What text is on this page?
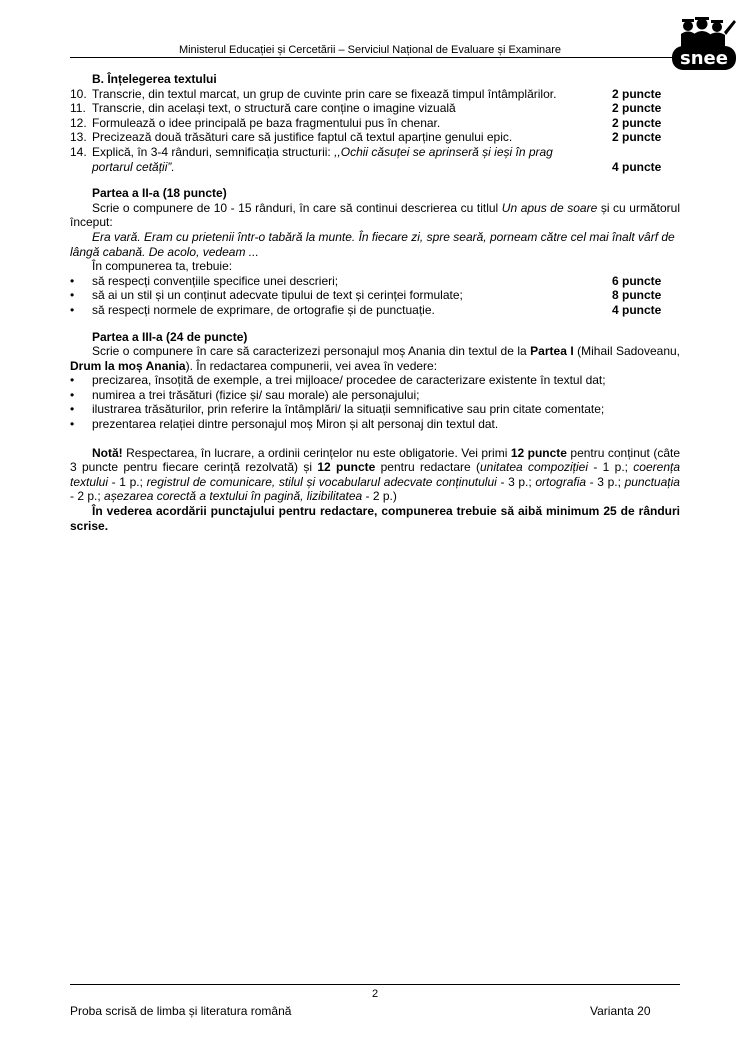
Ministerul Educației și Cercetării – Serviciul Național de Evaluare și Examinare	snee
B. Înțelegerea textului
10. Transcrie, din textul marcat, un grup de cuvinte prin care se fixează timpul întâmplărilor.	2 puncte
11. Transcrie, din același text, o structură care conține o imagine vizuală	2 puncte
12. Formulează o idee principală pe baza fragmentului pus în chenar.	2 puncte
13. Precizează două trăsături care să justifice faptul că textul aparține genului epic.	2 puncte
14. Explică, în 3-4 rânduri, semnificația structurii: ,,Ochii căsuței se aprinseră și ieși în prag
portarul cetății”.	4 puncte
Partea a II-a (18 puncte)
Scrie o compunere de 10 - 15 rânduri, în care să continui descrierea cu titlul Un apus de soare și cu următorul început:
Era vară. Eram cu prietenii într-o tabără la munte. În fiecare zi, spre seară, porneam către cel mai înalt vârf de lângă cabană. De acolo, vedeam ...
În compunerea ta, trebuie:
•	să respecți convențiile specifice unei descrieri;	6 puncte
•	să ai un stil și un conținut adecvate tipului de text și cerinței formulate;	8 puncte
•	să respecți normele de exprimare, de ortografie și de punctuație.	4 puncte
Partea a III-a (24 de puncte)
Scrie o compunere în care să caracterizezi personajul moș Anania din textul de la Partea I (Mihail Sadoveanu, Drum la moș Anania). În redactarea compunerii, vei avea în vedere:
•	precizarea, însoțită de exemple, a trei mijloace/ procedee de caracterizare existente în textul dat;
•	numirea a trei trăsături (fizice și/ sau morale) ale personajului;
•	ilustrarea trăsăturilor, prin referire la întâmplări/ la situații semnificative sau prin citate comentate;
•	prezentarea relației dintre personajul moș Miron și alt personaj din textul dat.
Notă! Respectarea, în lucrare, a ordinii cerințelor nu este obligatorie. Vei primi 12 puncte pentru conținut (câte 3 puncte pentru fiecare cerință rezolvată) și 12 puncte pentru redactare (unitatea compoziției - 1 p.; coerența textului - 1 p.; registrul de comunicare, stilul și vocabularul adecvate conținutului - 3 p.; ortografia - 3 p.; punctuația - 2 p.; așezarea corectă a textului în pagină, lizibilitatea - 2 p.)
În vederea acordării punctajului pentru redactare, compunerea trebuie să aibă minimum 25 de rânduri scrise.
2
Proba scrisă de limba și literatura română	Varianta 20
